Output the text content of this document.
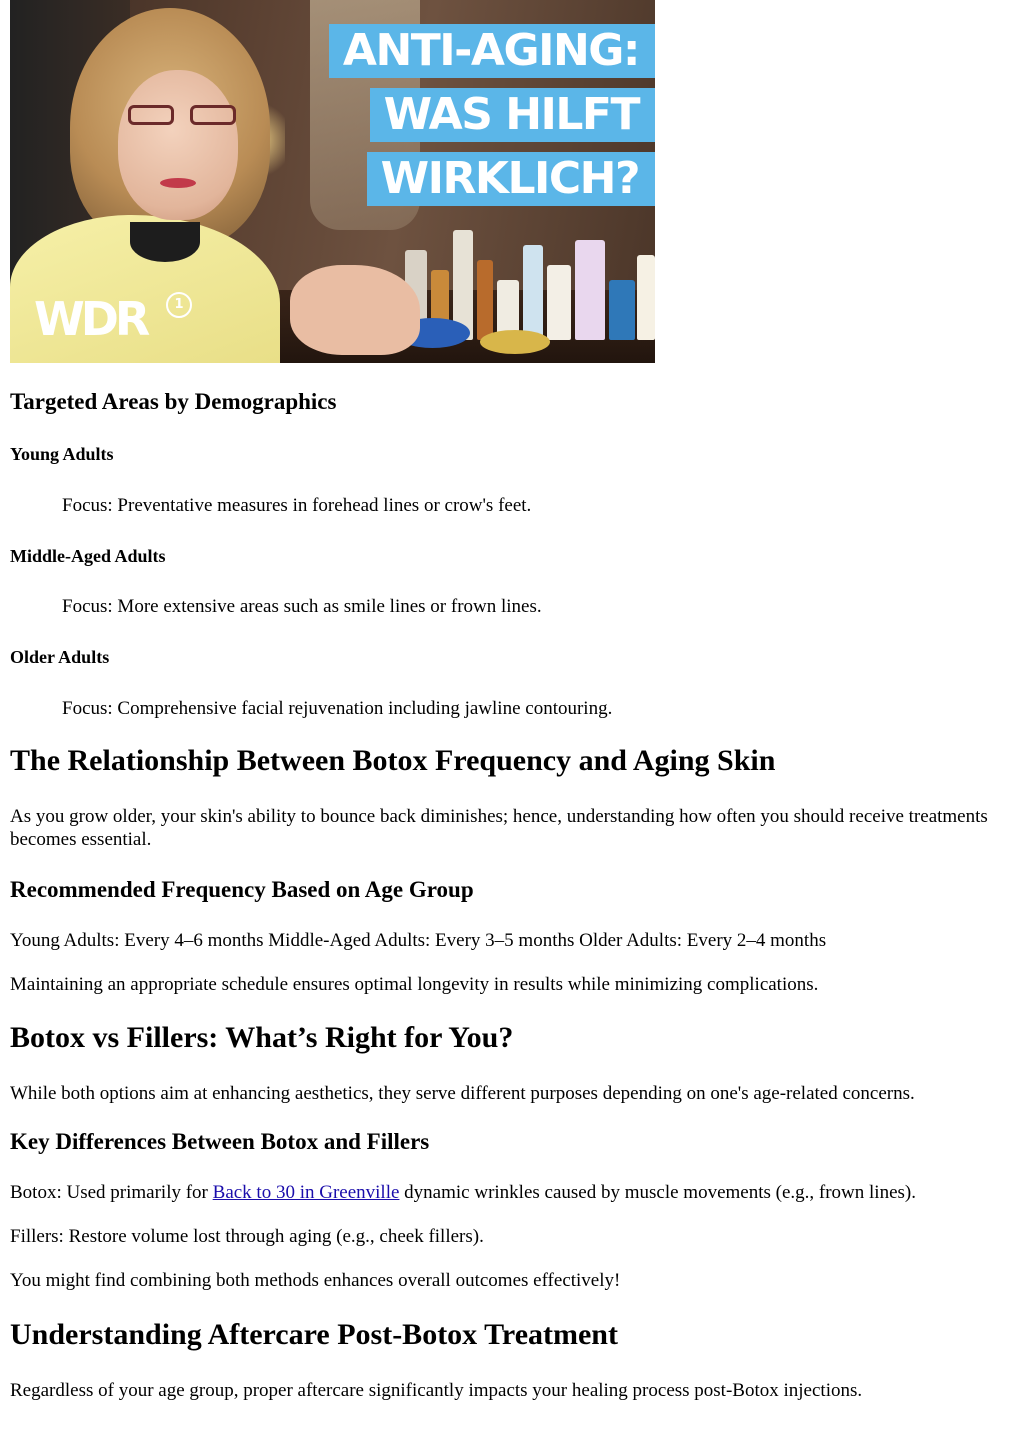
ANTI-AGING:
WAS HILFT
WIRKLICH?
WDR	1
Targeted Areas by Demographics
Young Adults

Focus: Preventative measures in forehead lines or crow's feet.

Middle-Aged Adults

Focus: More extensive areas such as smile lines or frown lines.

Older Adults

Focus: Comprehensive facial rejuvenation including jawline contouring.

The Relationship Between Botox Frequency and Aging Skin

As you grow older, your skin's ability to bounce back diminishes; hence, understanding how often you should receive treatments becomes essential.

Recommended Frequency Based on Age Group

Young Adults: Every 4–6 months Middle-Aged Adults: Every 3–5 months Older Adults: Every 2–4 months

Maintaining an appropriate schedule ensures optimal longevity in results while minimizing complications.

Botox vs Fillers: What’s Right for You?

While both options aim at enhancing aesthetics, they serve different purposes depending on one's age-related concerns.

Key Differences Between Botox and Fillers

Botox: Used primarily for Back to 30 in Greenville dynamic wrinkles caused by muscle movements (e.g., frown lines).

Fillers: Restore volume lost through aging (e.g., cheek fillers).

You might find combining both methods enhances overall outcomes effectively!

Understanding Aftercare Post-Botox Treatment

Regardless of your age group, proper aftercare significantly impacts your healing process post-Botox injections.
